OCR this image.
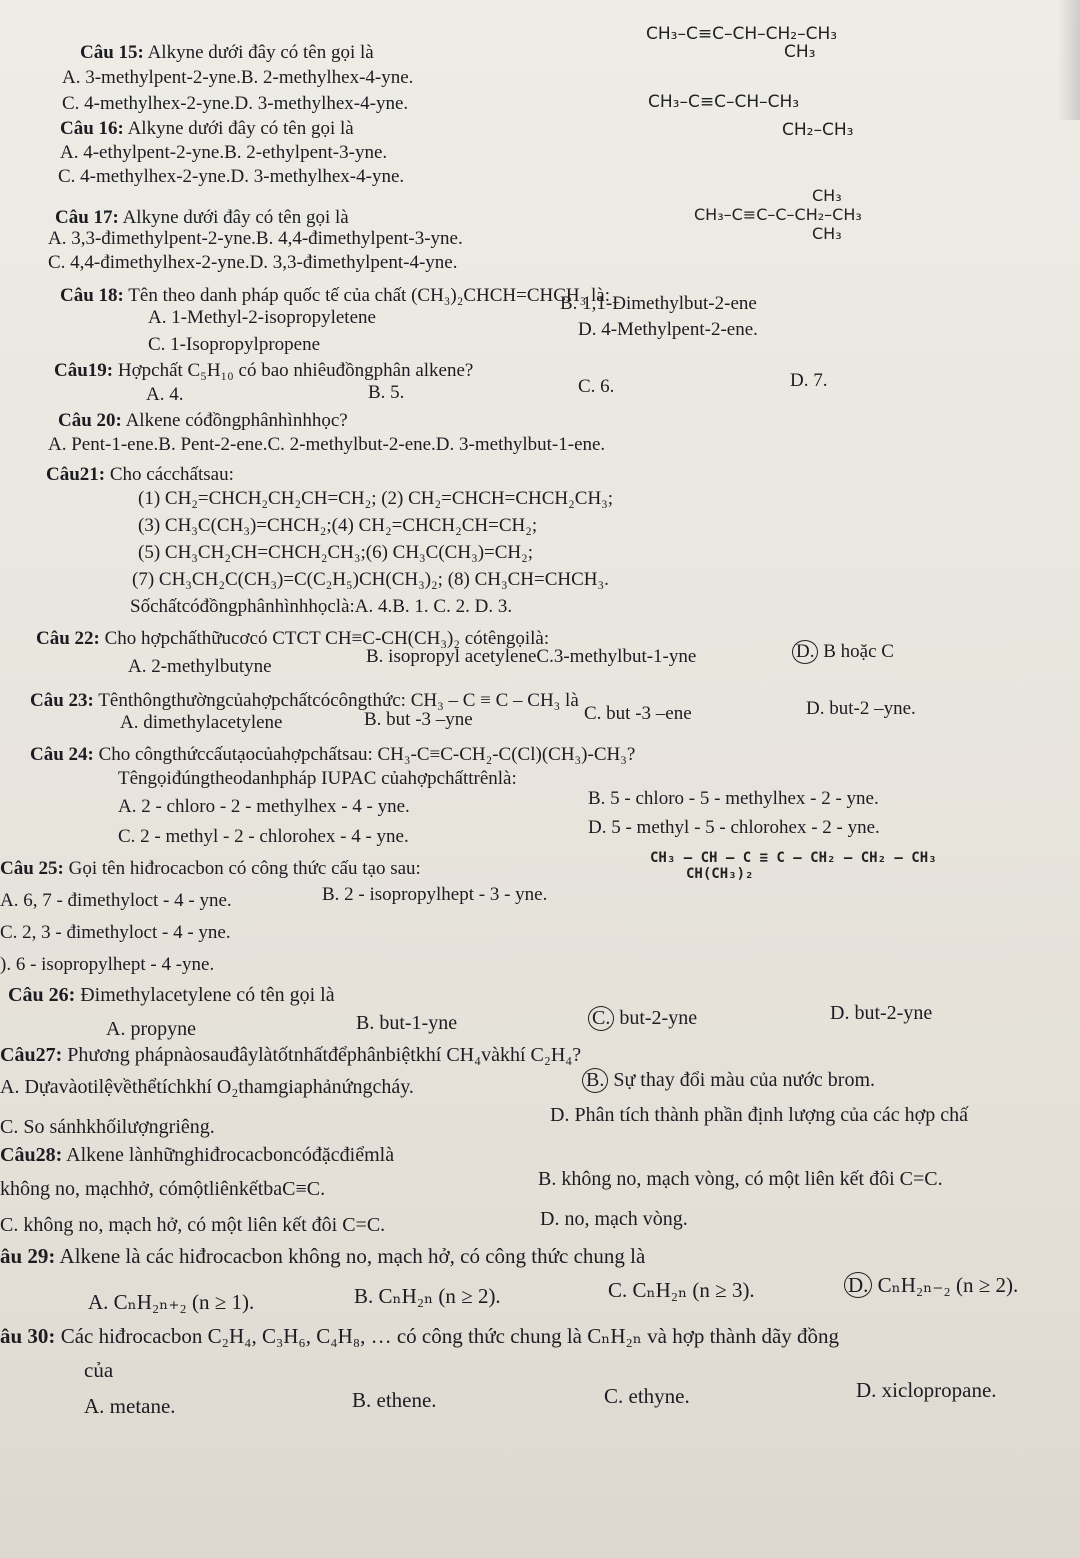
Câu 15: Alkyne dưới đây có tên gọi là
A. 3-methylpent-2-yne.B. 2-methylhex-4-yne.
C. 4-methylhex-2-yne.D. 3-methylhex-4-yne.
CH₃–C≡C–CH–CH₂–CH₃
CH₃
Câu 16: Alkyne dưới đây có tên gọi là
A. 4-ethylpent-2-yne.B. 2-ethylpent-3-yne.
C. 4-methylhex-2-yne.D. 3-methylhex-4-yne.
CH₃–C≡C–CH–CH₃
CH₂–CH₃
Câu 17: Alkyne dưới đây có tên gọi là
A. 3,3-đimethylpent-2-yne.B. 4,4-đimethylpent-3-yne.
C. 4,4-đimethylhex-2-yne.D. 3,3-đimethylpent-4-yne.
CH₃
CH₃–C≡C–C–CH₂–CH₃
CH₃
Câu 18: Tên theo danh pháp quốc tế của chất (CH₃)₂CHCH=CHCH₃ là:
A. 1-Methyl-2-isopropyletene
B. 1,1-Đimethylbut-2-ene
C. 1-Isopropylpropene
D. 4-Methylpent-2-ene.
Câu19: Hợpchất C₅H₁₀ có bao nhiêuđồngphân alkene?
A. 4.	B. 5.	C. 6.	D. 7.
Câu 20: Alkene cóđồngphânhìnhhọc?
A. Pent-1-ene.B. Pent-2-ene.C. 2-methylbut-2-ene.D. 3-methylbut-1-ene.
Câu21: Cho cácchấtsau:
(1) CH₂=CHCH₂CH₂CH=CH₂; (2) CH₂=CHCH=CHCH₂CH₃;
(3) CH₃C(CH₃)=CHCH₂;(4) CH₂=CHCH₂CH=CH₂;
(5) CH₃CH₂CH=CHCH₂CH₃;(6) CH₃C(CH₃)=CH₂;
(7) CH₃CH₂C(CH₃)=C(C₂H₅)CH(CH₃)₂; (8) CH₃CH=CHCH₃.
Sốchấtcóđồngphânhìnhhọclà:A. 4.B. 1. C. 2. D. 3.
Câu 22: Cho hợpchấthữucơcó CTCT CH≡C-CH(CH₃)₂ cótêngọilà:
A. 2-methylbutyne	B. isopropyl acetyleneC.3-methylbut-1-yne	D. B hoặc C
Câu 23: Tênthôngthườngcủahợpchấtcócôngthức: CH₃ – C ≡ C – CH₃ là
A. dimethylacetylene	B. but -3 –yne	C. but -3 –ene	D. but-2 –yne.
Câu 24: Cho côngthứccấutạocủahợpchấtsau: CH₃-C≡C-CH₂-C(Cl)(CH₃)-CH₃?
Têngọiđúngtheodanhpháp IUPAC củahợpchấttrênlà:
A. 2 - chloro - 2 - methylhex - 4 - yne.	B. 5 - chloro - 5 - methylhex - 2 - yne.
C. 2 - methyl - 2 - chlorohex - 4 - yne.	D. 5 - methyl - 5 - chlorohex - 2 - yne.
Câu 25: Gọi tên hiđrocacbon có công thức cấu tạo sau:	CH₃ – CH – C ≡ C – CH₂ – CH₂ – CH₃
CH(CH₃)₂
A. 6, 7 - đimethyloct - 4 - yne.	B. 2 - isopropylhept - 3 - yne.
C. 2, 3 - đimethyloct - 4 - yne.
). 6 - isopropylhept - 4 -yne.
Câu 26: Đimethylacetylene có tên gọi là
A. propyne	B. but-1-yne	C. but-2-yne	D. but-2-yne
Câu27: Phương phápnàosauđâylàtốtnhấtđểphânbiệtkhí CH₄vàkhí C₂H₄?
A. Dựavàotilệvềthểtíchkhí O₂thamgiaphảnứngcháy.	B. Sự thay đổi màu của nước brom.
C. So sánhkhốilượngriêng.
D. Phân tích thành phần định lượng của các hợp chấ
Câu28: Alkene lànhữnghiđrocacboncóđặcđiểmlà
không no, mạchhở, cómộtliênkếtbaC≡C.	B. không no, mạch vòng, có một liên kết đôi C=C.
C. không no, mạch hở, có một liên kết đôi C=C.	D. no, mạch vòng.
âu 29: Alkene là các hiđrocacbon không no, mạch hở, có công thức chung là
A. CₙH₂ₙ₊₂ (n ≥ 1).	B. CₙH₂ₙ (n ≥ 2).	C. CₙH₂ₙ (n ≥ 3).	D. CₙH₂ₙ₋₂ (n ≥ 2).
âu 30: Các hiđrocacbon C₂H₄, C₃H₆, C₄H₈, … có công thức chung là CₙH₂ₙ và hợp thành dãy đồng
của
A. metane.	B. ethene.	C. ethyne.	D. xiclopropane.
